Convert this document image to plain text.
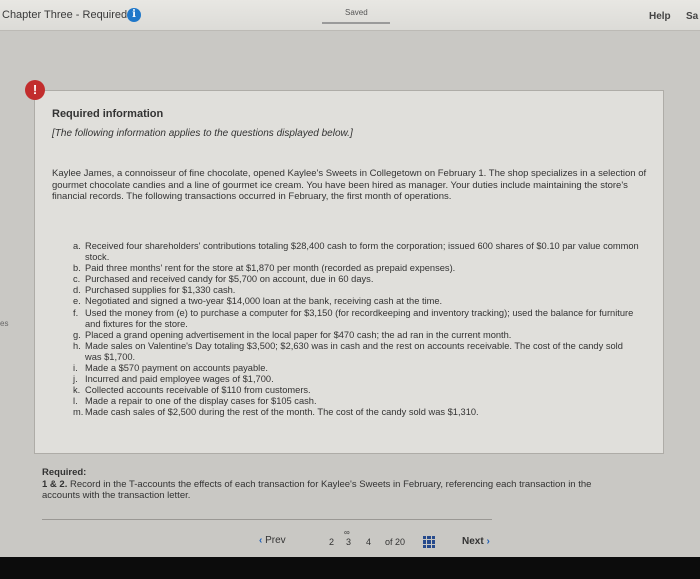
Chapter Three - Required i	Saved	Help Sa
es
Required information
[The following information applies to the questions displayed below.]
Kaylee James, a connoisseur of fine chocolate, opened Kaylee's Sweets in Collegetown on February 1. The shop specializes in a selection of gourmet chocolate candies and a line of gourmet ice cream. You have been hired as manager. Your duties include maintaining the store's financial records. The following transactions occurred in February, the first month of operations.
a. Received four shareholders' contributions totaling $28,400 cash to form the corporation; issued 600 shares of $0.10 par value common stock.
b. Paid three months' rent for the store at $1,870 per month (recorded as prepaid expenses).
c. Purchased and received candy for $5,700 on account, due in 60 days.
d. Purchased supplies for $1,330 cash.
e. Negotiated and signed a two-year $14,000 loan at the bank, receiving cash at the time.
f. Used the money from (e) to purchase a computer for $3,150 (for recordkeeping and inventory tracking); used the balance for furniture and fixtures for the store.
g. Placed a grand opening advertisement in the local paper for $470 cash; the ad ran in the current month.
h. Made sales on Valentine's Day totaling $3,500; $2,630 was in cash and the rest on accounts receivable. The cost of the candy sold was $1,700.
i. Made a $570 payment on accounts payable.
j. Incurred and paid employee wages of $1,700.
k. Collected accounts receivable of $110 from customers.
l. Made a repair to one of the display cases for $105 cash.
m. Made cash sales of $2,500 during the rest of the month. The cost of the candy sold was $1,310.
!
Required:
1 & 2. Record in the T-accounts the effects of each transaction for Kaylee's Sweets in February, referencing each transaction in the accounts with the transaction letter.
‹ Prev	2
∞
3 4 of 20	Next ›
